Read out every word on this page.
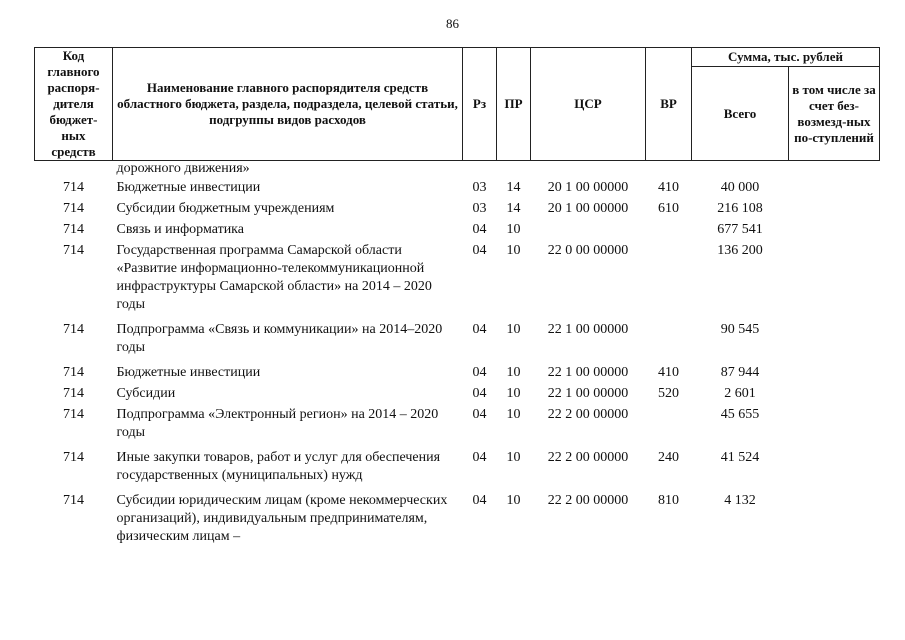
86
Код главного распоря-дителя бюджет-ных средств	Наименование главного распорядителя средств областного бюджета, раздела, подраздела, целевой статьи, подгруппы видов расходов	Рз	ПР	ЦСР	ВР	Сумма, тыс. рублей	
						Всего	в том числе за счет без-возмезд-ных по-ступлений
	дорожного движения»						
714	Бюджетные инвестиции	03	14	20 1 00 00000	410	40 000	
714	Субсидии бюджетным учреждениям	03	14	20 1 00 00000	610	216 108	
714	Связь и информатика	04	10			677 541	
714	Государственная программа Самарской области «Развитие информационно-телекоммуникационной инфраструктуры Самарской области» на 2014 – 2020 годы	04	10	22 0 00 00000		136 200	
714	Подпрограмма «Связь и коммуникации» на 2014–2020 годы	04	10	22 1 00 00000		90 545	
714	Бюджетные инвестиции	04	10	22 1 00 00000	410	87 944	
714	Субсидии	04	10	22 1 00 00000	520	2 601	
714	Подпрограмма «Электронный регион» на 2014 – 2020 годы	04	10	22 2 00 00000		45 655	
714	Иные закупки товаров, работ и услуг для обеспечения государственных (муниципальных) нужд	04	10	22 2 00 00000	240	41 524	
714	Субсидии юридическим лицам (кроме некоммерческих организаций), индивидуальным предпринимателям, физическим лицам –	04	10	22 2 00 00000	810	4 132	
